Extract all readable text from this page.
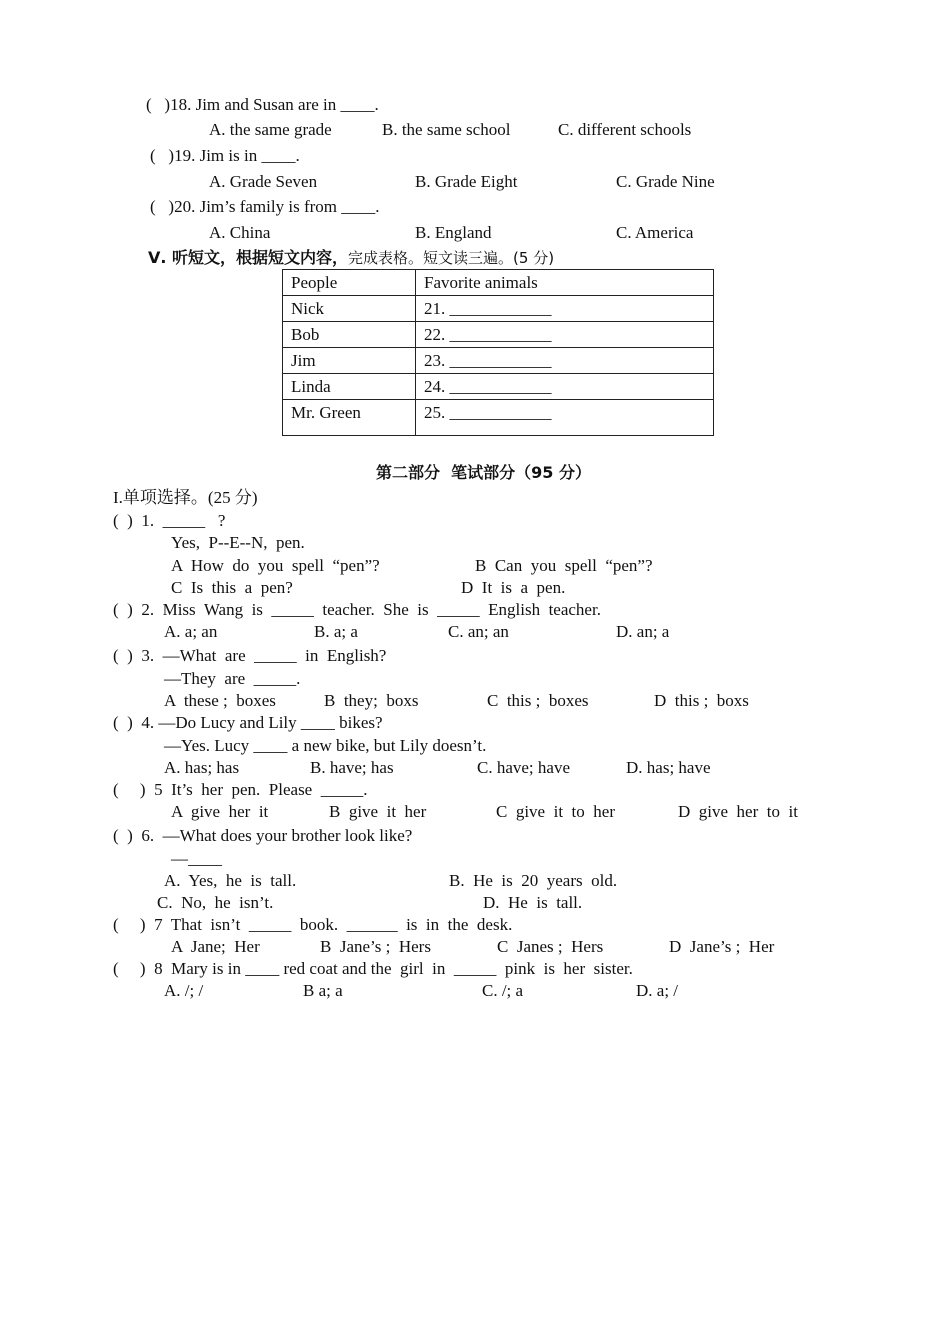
(   )18. Jim and Susan are in ____.
A. the same grade	B. the same school	C. different schools
(   )19. Jim is in ____.
A. Grade Seven	B. Grade Eight	C. Grade Nine
(   )20. Jim’s family is from ____.
A. China	B. England	C. America
Ⅴ. 听短文，根据短文内容，完成表格。短文读三遍。(5 分)
People	Favorite animals
Nick	21. ____________
Bob	22. ____________
Jim	23. ____________
Linda	24. ____________
Mr. Green	25. ____________
第二部分  笔试部分（95 分）
I.单项选择。(25 分)
(  )  1.  _____   ?
Yes,  P--E--N,  pen.
A  How  do  you  spell  “pen”?	B  Can  you  spell  “pen”?
C  Is  this  a  pen?	D  It  is  a  pen.
(  )  2.  Miss  Wang  is  _____  teacher.  She  is  _____  English  teacher.
A. a; an	B. a; a	C. an; an	D. an; a
(  )  3.  —What  are  _____  in  English?
—They  are  _____.
A  these ;  boxes	B  they;  boxs	C  this ;  boxes	D  this ;  boxs
(  )  4. —Do Lucy and Lily ____ bikes?
—Yes. Lucy ____ a new bike, but Lily doesn’t.
A. has; has	B. have; has	C. have; have	D. has; have
(     )  5  It’s  her  pen.  Please  _____.
A  give  her  it	B  give  it  her	C  give  it  to  her	D  give  her  to  it
(  )  6.  —What does your brother look like?
—____
A.  Yes,  he  is  tall.	B.  He  is  20  years  old.
C.  No,  he  isn’t.	D.  He  is  tall.
(     )  7  That  isn’t  _____  book.  ______  is  in  the  desk.
A  Jane;  Her	B  Jane’s ;  Hers	C  Janes ;  Hers	D  Jane’s ;  Her
(     )  8  Mary is in ____ red coat and the  girl  in  _____  pink  is  her  sister.
A. /; /	B a; a	C. /; a	D. a; /
